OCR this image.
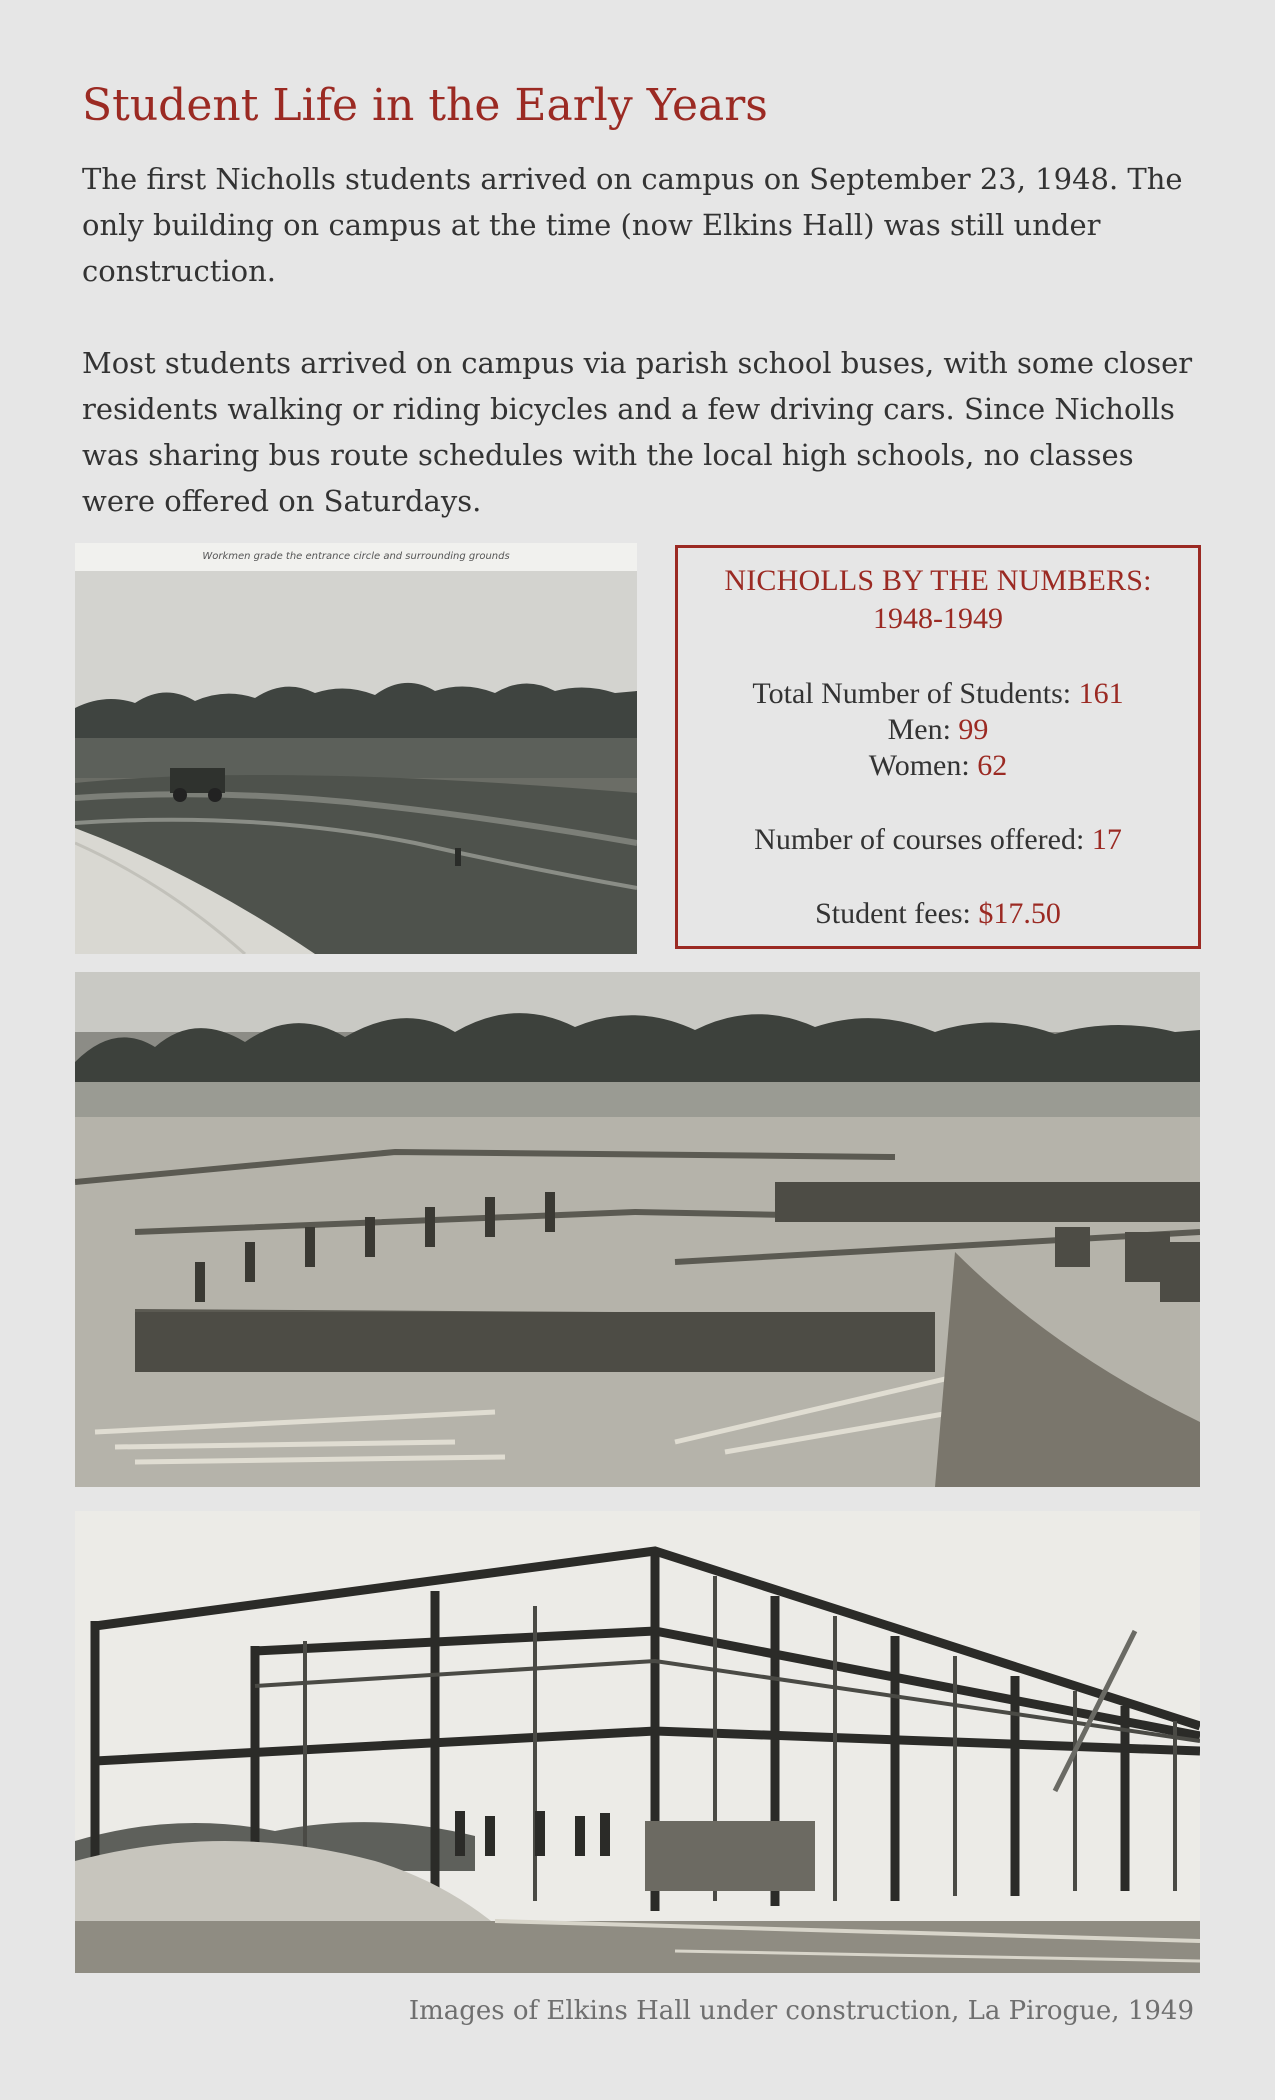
Student Life in the Early Years

The first Nicholls students arrived on campus on September 23, 1948. The only building on campus at the time (now Elkins Hall) was still under construction.

Most students arrived on campus via parish school buses, with some closer residents walking or riding bicycles and a few driving cars. Since Nicholls was sharing bus route schedules with the local high schools, no classes were offered on Saturdays.

Workmen grade the entrance circle and surrounding grounds
NICHOLLS BY THE NUMBERS:
1948-1949
Total Number of Students: 161
Men: 99
Women: 62
Number of courses offered: 17
Student fees: $17.50

Images of Elkins Hall under construction, La Pirogue, 1949
